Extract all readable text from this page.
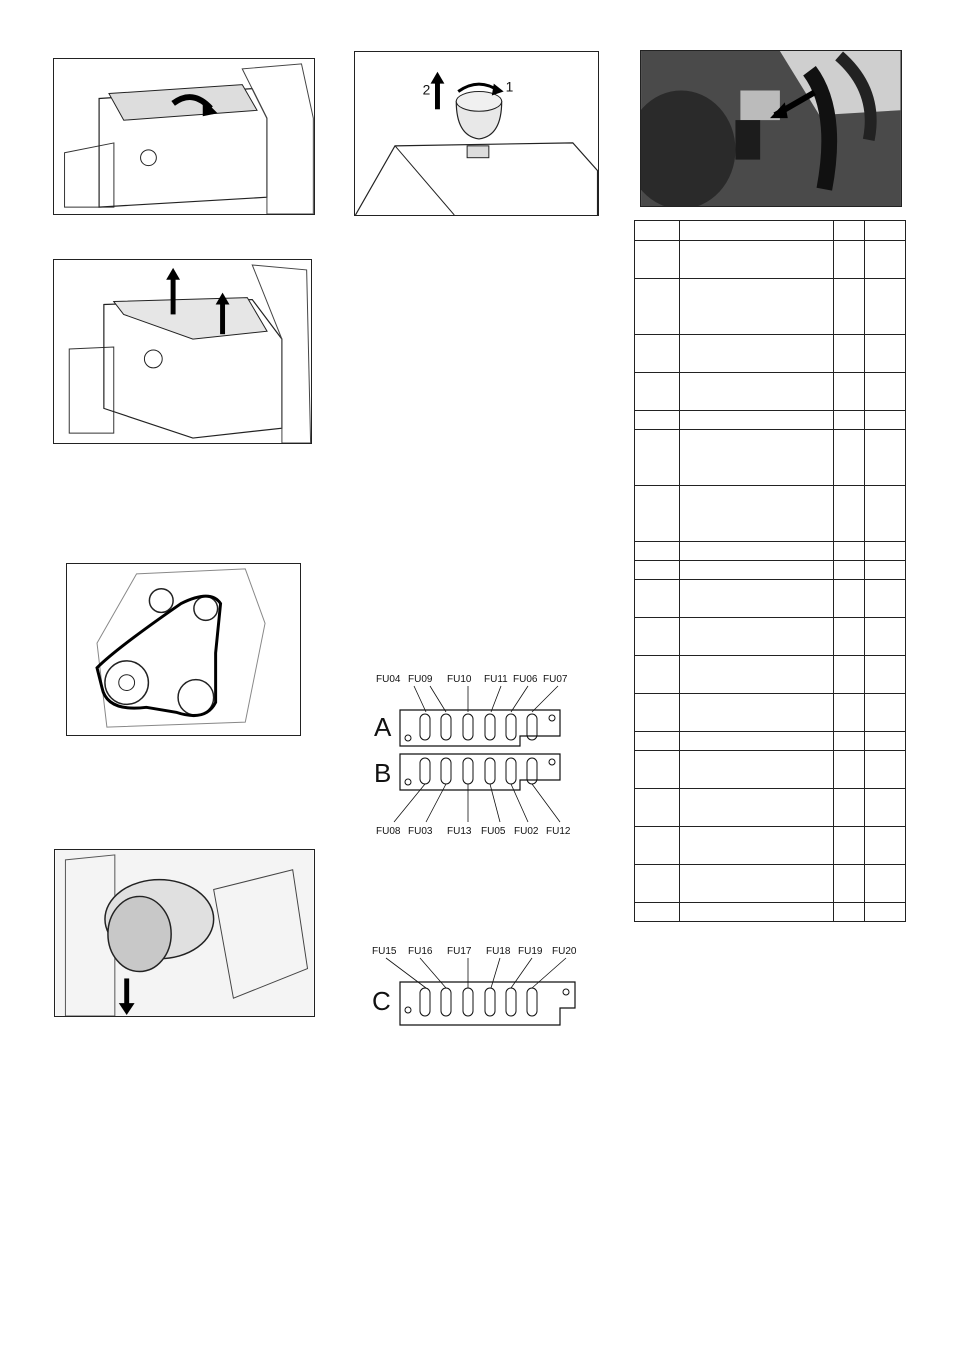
2	1
FU04 FU09 FU10 FU11 FU06 FU07
A
B
FU08 FU03 FU13 FU05 FU02 FU12
FU15 FU16 FU17 FU18 FU19 FU20
C
